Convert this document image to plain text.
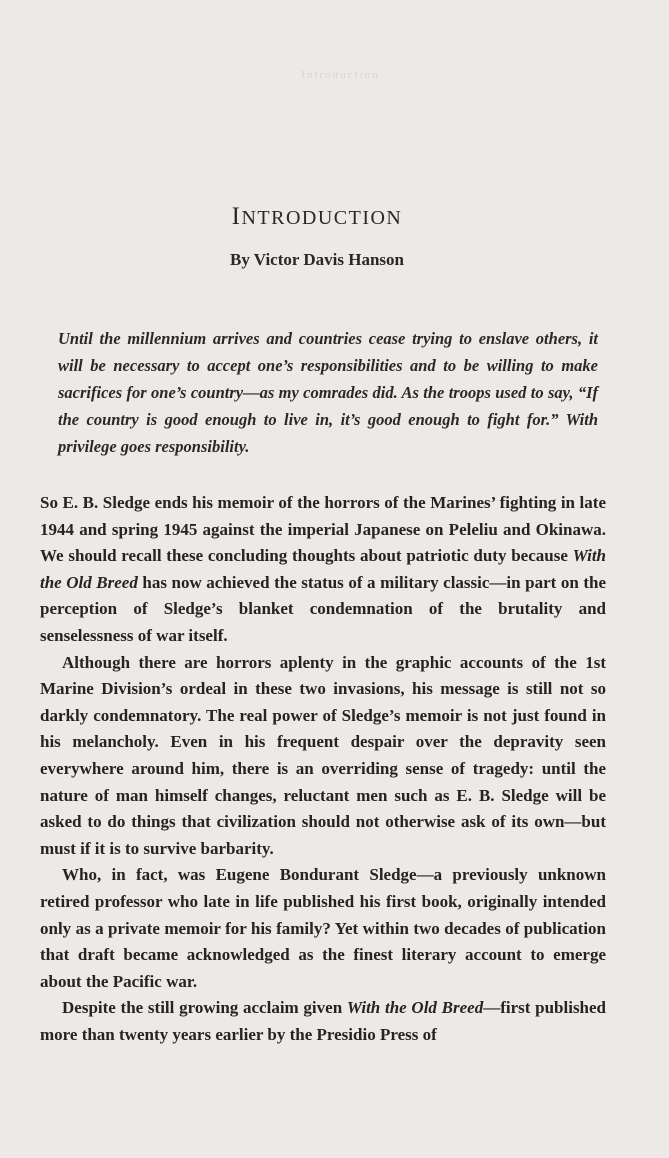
Introduction
INTRODUCTION
By Victor Davis Hanson
Until the millennium arrives and countries cease trying to enslave others, it will be necessary to accept one’s responsibilities and to be willing to make sacrifices for one’s country—as my comrades did. As the troops used to say, “If the country is good enough to live in, it’s good enough to fight for.” With privilege goes responsibility.

So E. B. Sledge ends his memoir of the horrors of the Marines’ fighting in late 1944 and spring 1945 against the imperial Japanese on Peleliu and Okinawa. We should recall these concluding thoughts about patriotic duty because With the Old Breed has now achieved the status of a military classic—in part on the perception of Sledge’s blanket condemnation of the brutality and senselessness of war itself.

Although there are horrors aplenty in the graphic accounts of the 1st Marine Division’s ordeal in these two invasions, his message is still not so darkly condemnatory. The real power of Sledge’s memoir is not just found in his melancholy. Even in his frequent despair over the depravity seen everywhere around him, there is an overriding sense of tragedy: until the nature of man himself changes, reluctant men such as E. B. Sledge will be asked to do things that civilization should not otherwise ask of its own—but must if it is to survive barbarity.

Who, in fact, was Eugene Bondurant Sledge—a previously unknown retired professor who late in life published his first book, originally intended only as a private memoir for his family? Yet within two decades of publication that draft became acknowledged as the finest literary account to emerge about the Pacific war.

Despite the still growing acclaim given With the Old Breed—first published more than twenty years earlier by the Presidio Press of
